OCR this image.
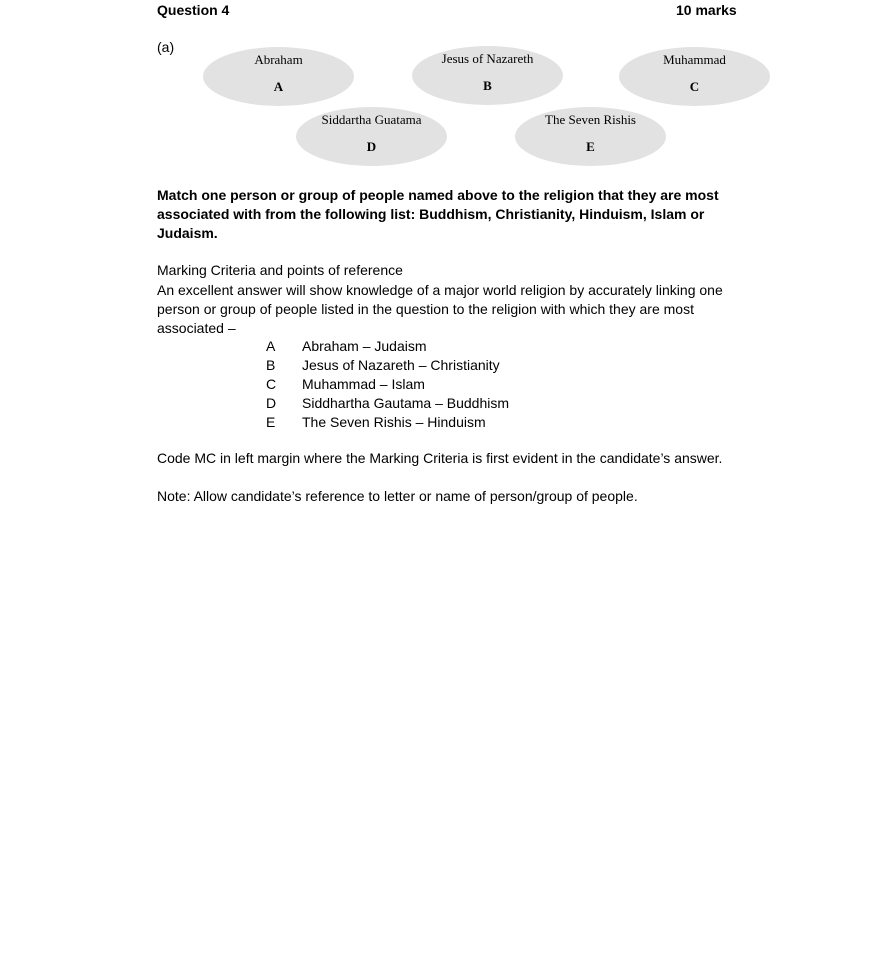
Question 4	10 marks
(a)
Abraham
A
Jesus of Nazareth
B
Muhammad
C
Siddartha Guatama
D
The Seven Rishis
E
Match one person or group of people named above to the religion that they are most associated with from the following list: Buddhism, Christianity, Hinduism, Islam or Judaism.
Marking Criteria and points of reference
An excellent answer will show knowledge of a major world religion by accurately linking one person or group of people listed in the question to the religion with which they are most associated –
A	Abraham – Judaism
B	Jesus of Nazareth – Christianity
C	Muhammad – Islam
D	Siddhartha Gautama – Buddhism
E	The Seven Rishis – Hinduism
Code MC in left margin where the Marking Criteria is first evident in the candidate’s answer.
Note: Allow candidate’s reference to letter or name of person/group of people.
